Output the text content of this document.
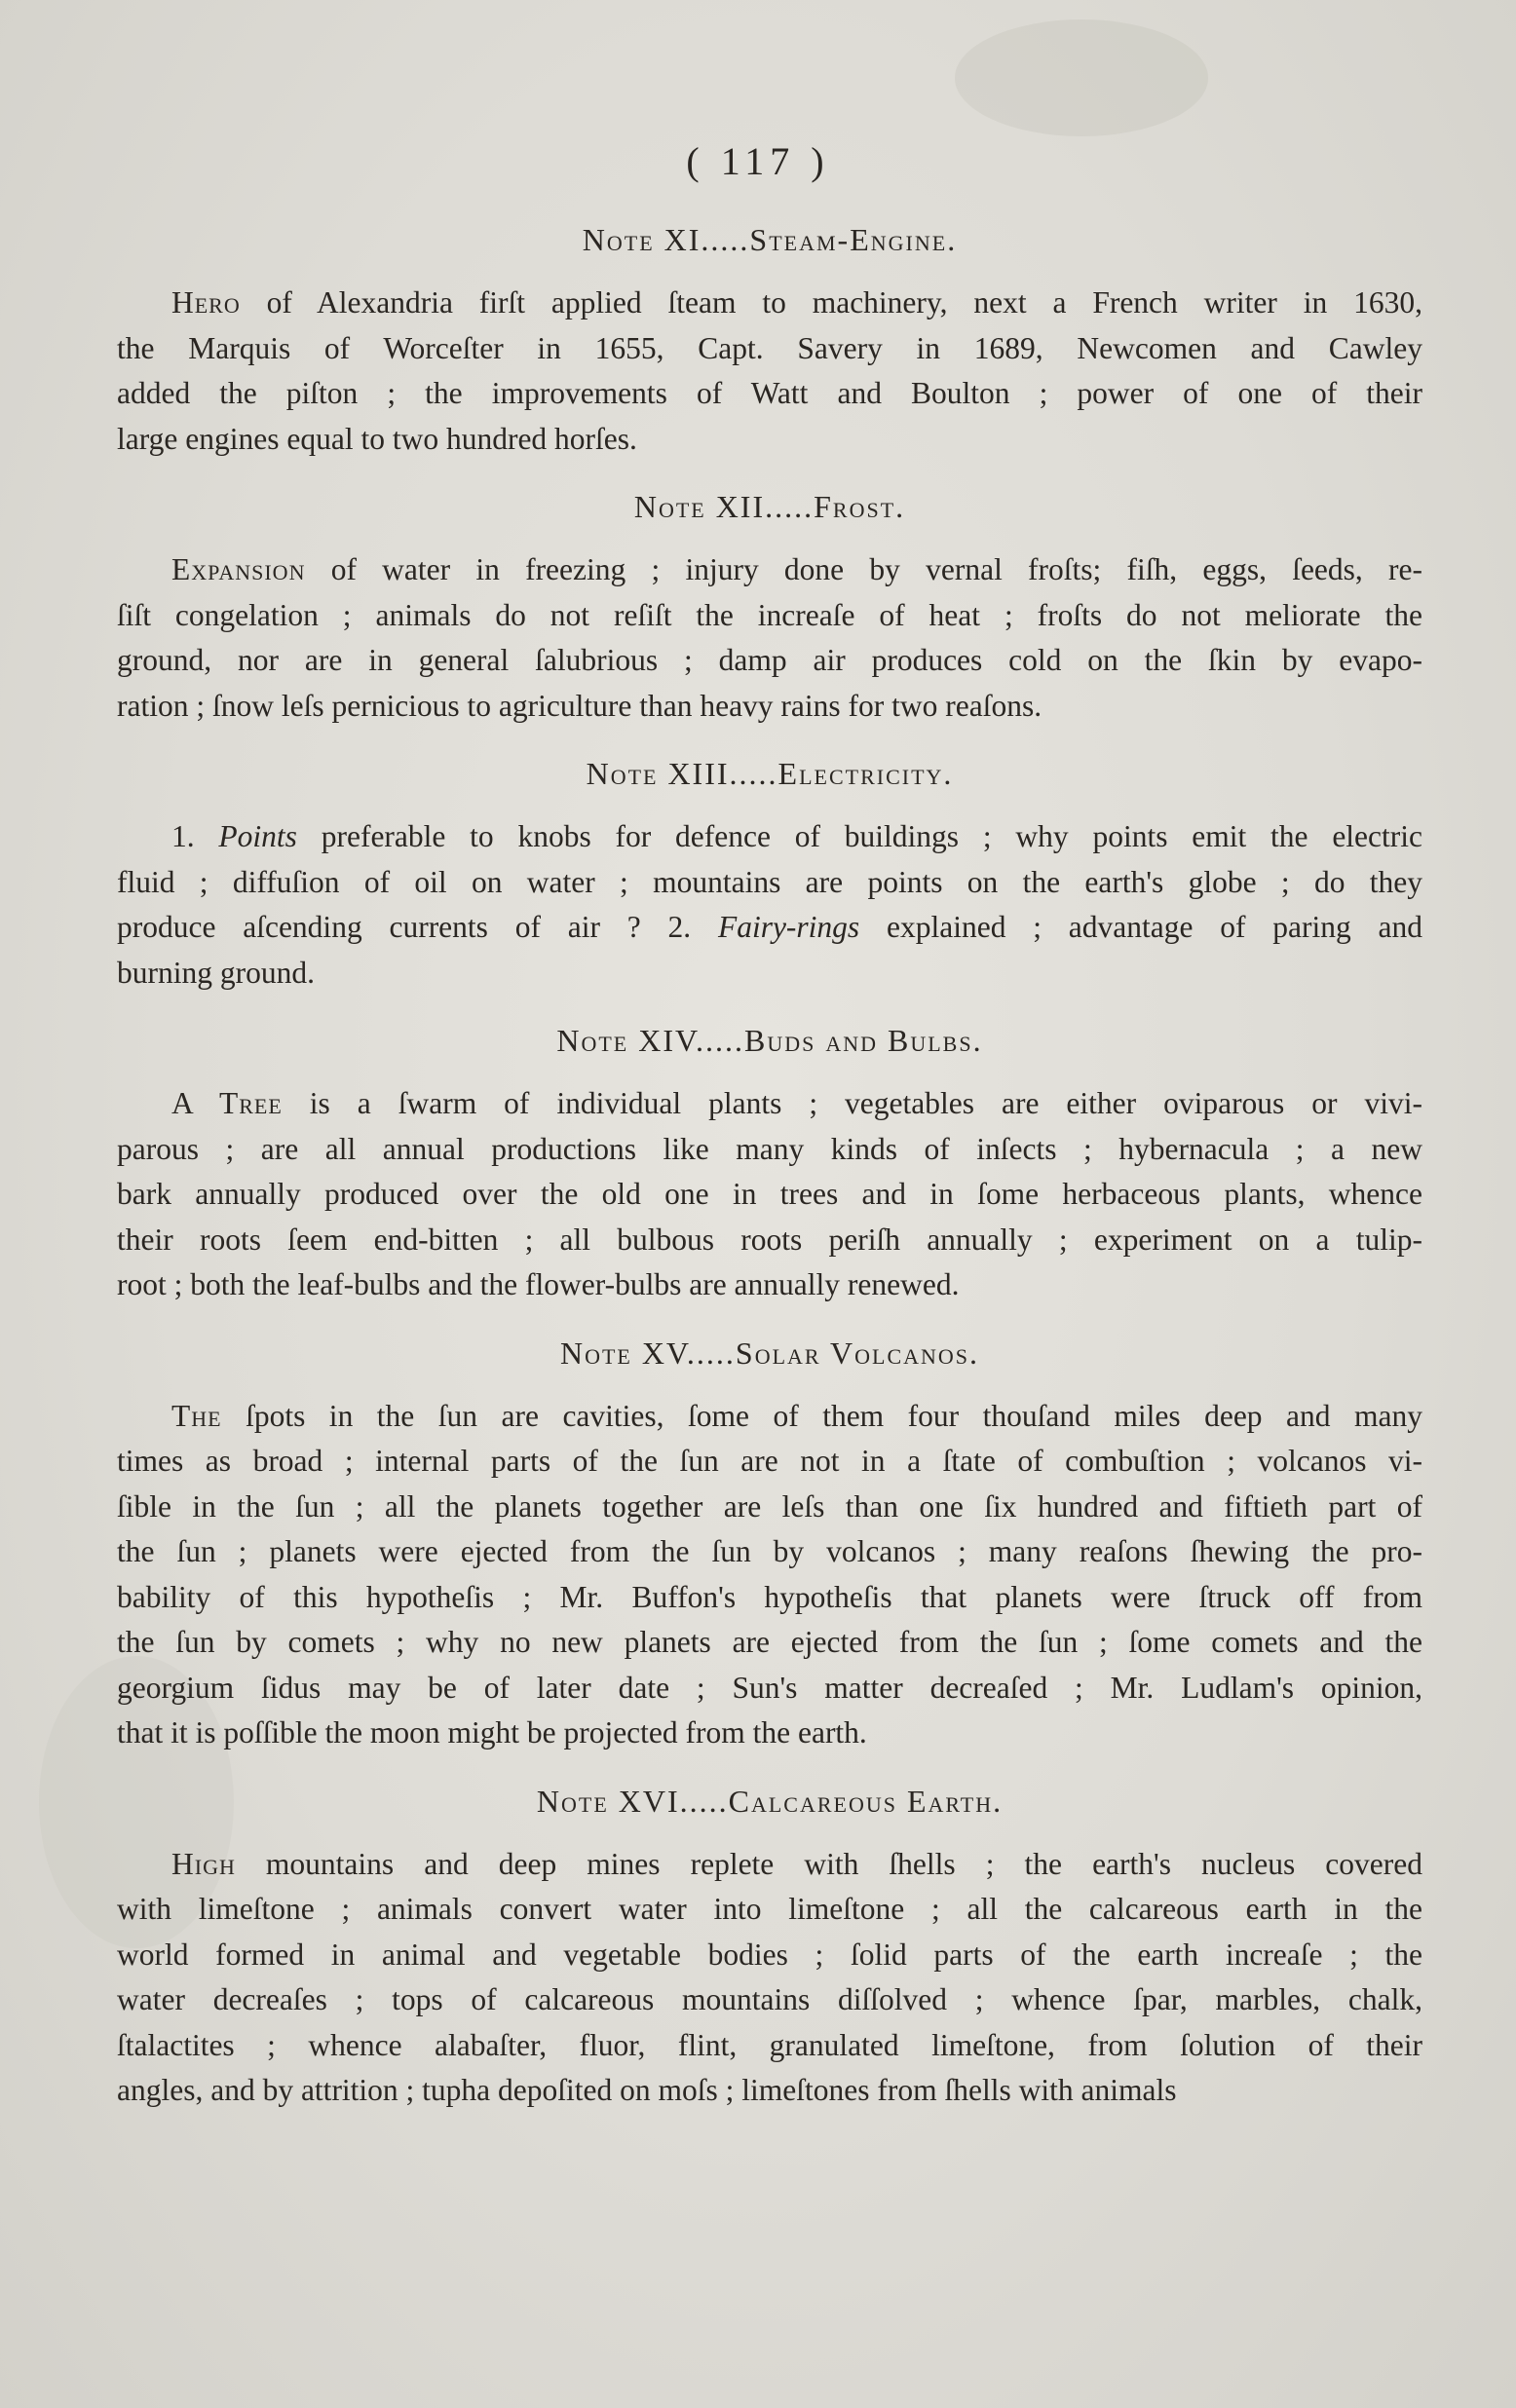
( 117 )
Note XI.....Steam-Engine.
Hero of Alexandria firſt applied ſteam to machinery, next a French writer in 1630,
the Marquis of Worceſter in 1655, Capt. Savery in 1689, Newcomen and Cawley
added the piſton ; the improvements of Watt and Boulton ; power of one of their
large engines equal to two hundred horſes.
Note XII.....Frost.
Expansion of water in freezing ; injury done by vernal froſts; fiſh, eggs, ſeeds, re-
ſiſt congelation ; animals do not reſiſt the increaſe of heat ; froſts do not meliorate the
ground, nor are in general ſalubrious ; damp air produces cold on the ſkin by evapo-
ration ; ſnow leſs pernicious to agriculture than heavy rains for two reaſons.
Note XIII.....Electricity.
1. Points preferable to knobs for defence of buildings ; why points emit the electric
fluid ; diffuſion of oil on water ; mountains are points on the earth's globe ; do they
produce aſcending currents of air ? 2. Fairy-rings explained ; advantage of paring and
burning ground.
Note XIV.....Buds and Bulbs.
A Tree is a ſwarm of individual plants ; vegetables are either oviparous or vivi-
parous ; are all annual productions like many kinds of inſects ; hybernacula ; a new
bark annually produced over the old one in trees and in ſome herbaceous plants, whence
their roots ſeem end-bitten ; all bulbous roots periſh annually ; experiment on a tulip-
root ; both the leaf-bulbs and the flower-bulbs are annually renewed.
Note XV.....Solar Volcanos.
The ſpots in the ſun are cavities, ſome of them four thouſand miles deep and many
times as broad ; internal parts of the ſun are not in a ſtate of combuſtion ; volcanos vi-
ſible in the ſun ; all the planets together are leſs than one ſix hundred and fiftieth part of
the ſun ; planets were ejected from the ſun by volcanos ; many reaſons ſhewing the pro-
bability of this hypotheſis ; Mr. Buffon's hypotheſis that planets were ſtruck off from
the ſun by comets ; why no new planets are ejected from the ſun ; ſome comets and the
georgium ſidus may be of later date ; Sun's matter decreaſed ; Mr. Ludlam's opinion,
that it is poſſible the moon might be projected from the earth.
Note XVI.....Calcareous Earth.
High mountains and deep mines replete with ſhells ; the earth's nucleus covered
with limeſtone ; animals convert water into limeſtone ; all the calcareous earth in the
world formed in animal and vegetable bodies ; ſolid parts of the earth increaſe ; the
water decreaſes ; tops of calcareous mountains diſſolved ; whence ſpar, marbles, chalk,
ſtalactites ; whence alabaſter, fluor, flint, granulated limeſtone, from ſolution of their
angles, and by attrition ; tupha depoſited on moſs ; limeſtones from ſhells with animals
